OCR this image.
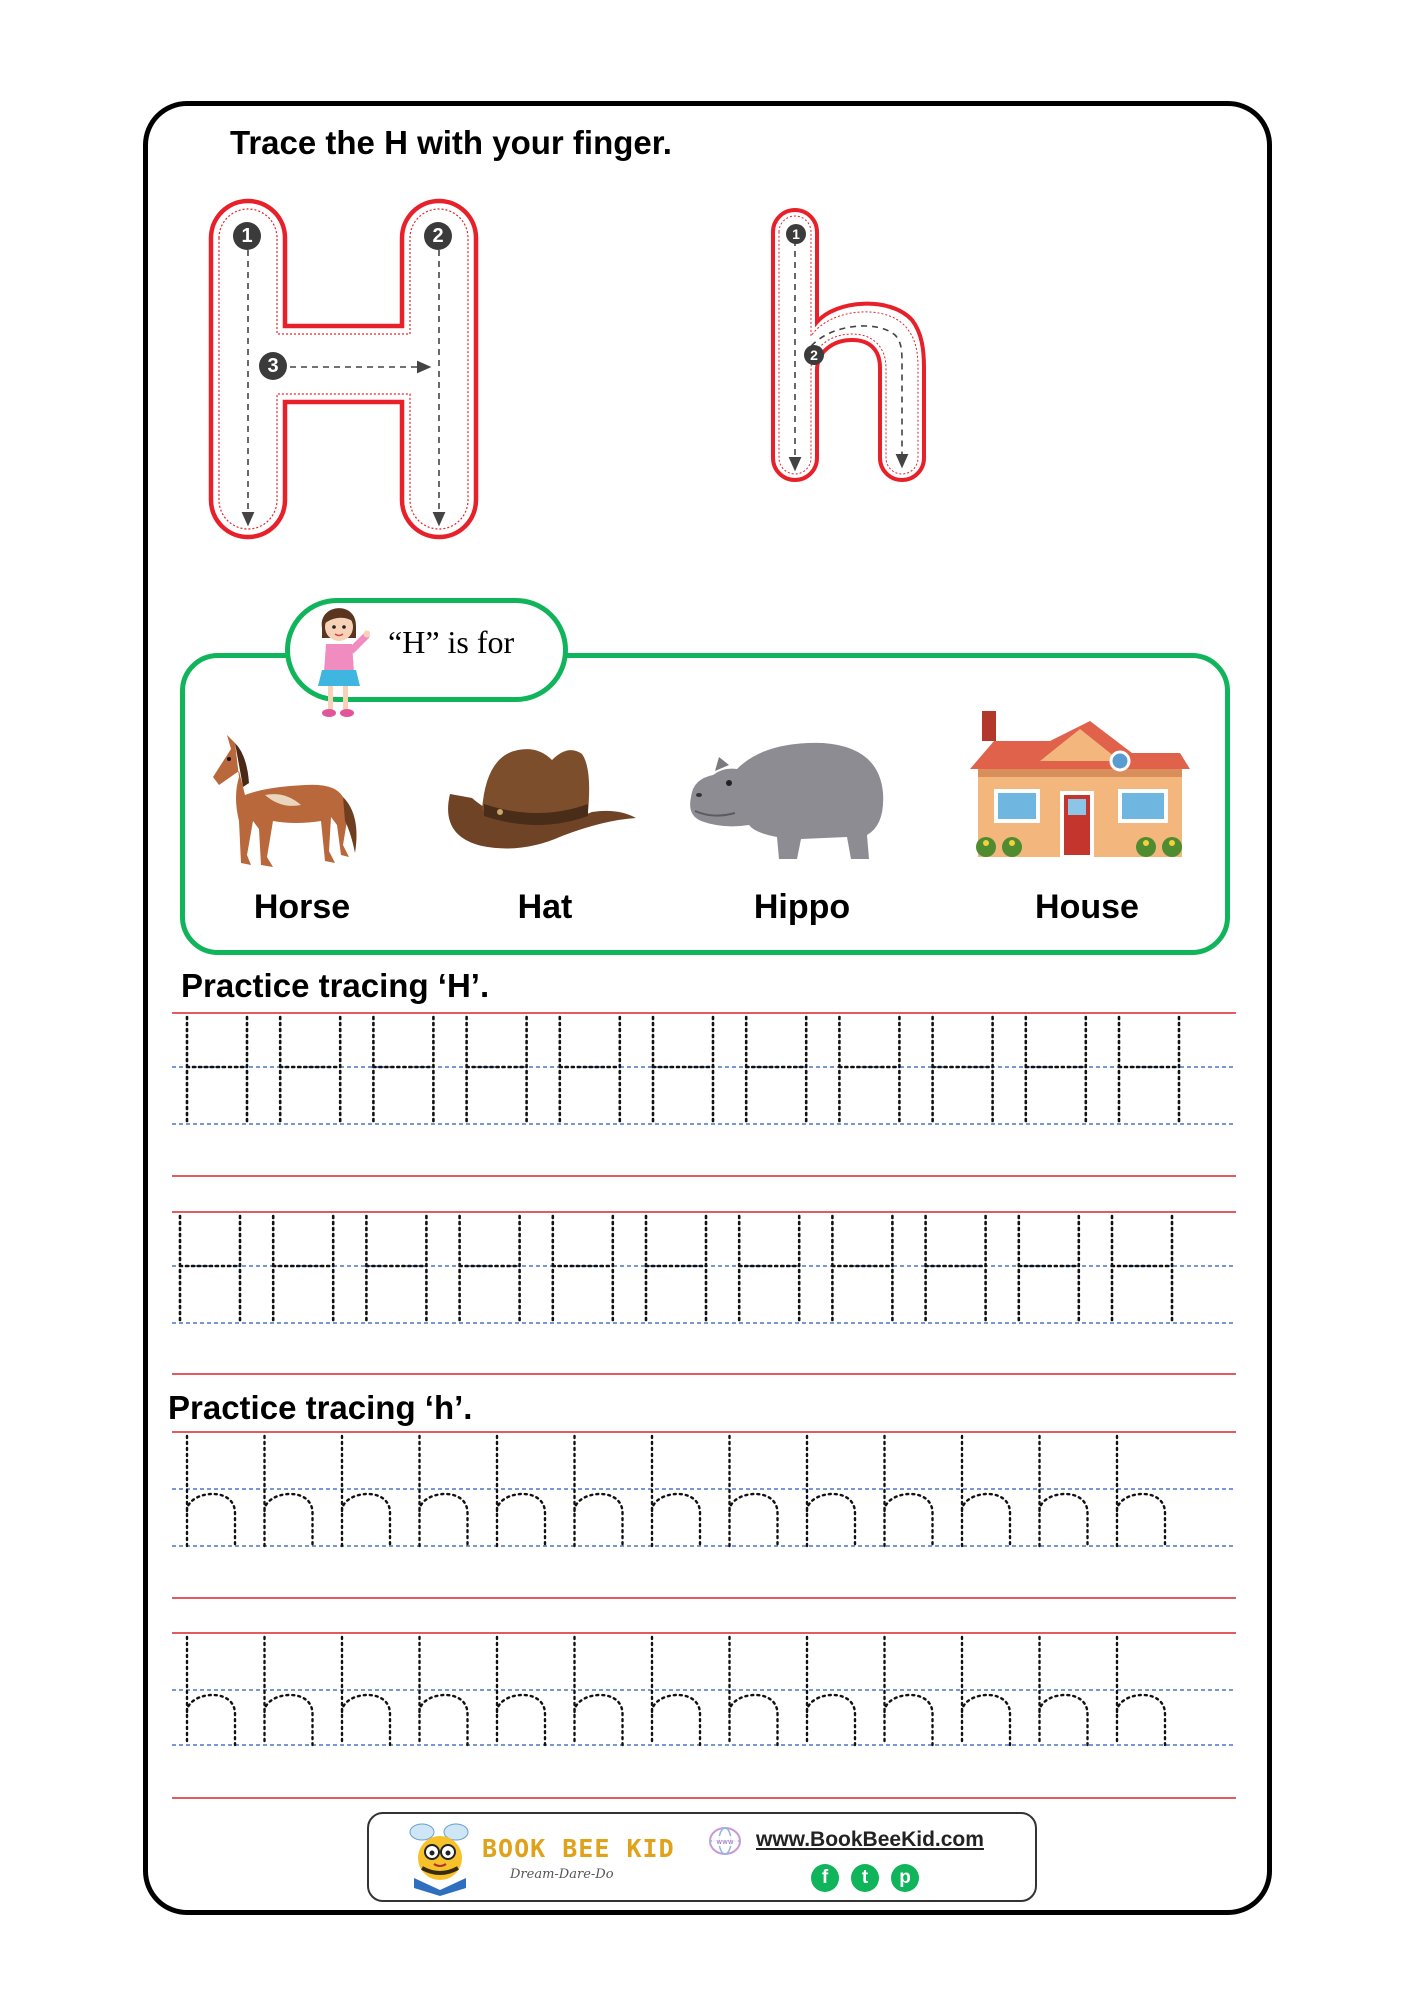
Trace the H with your finger.
1	2
3
1
2
“H” is for
Horse	Hat	Hippo	House
Practice tracing ‘H’.
Practice tracing ‘h’.
BOOK BEE KID
Dream-Dare-Do
www www.BookBeeKid.com
f	t	p
